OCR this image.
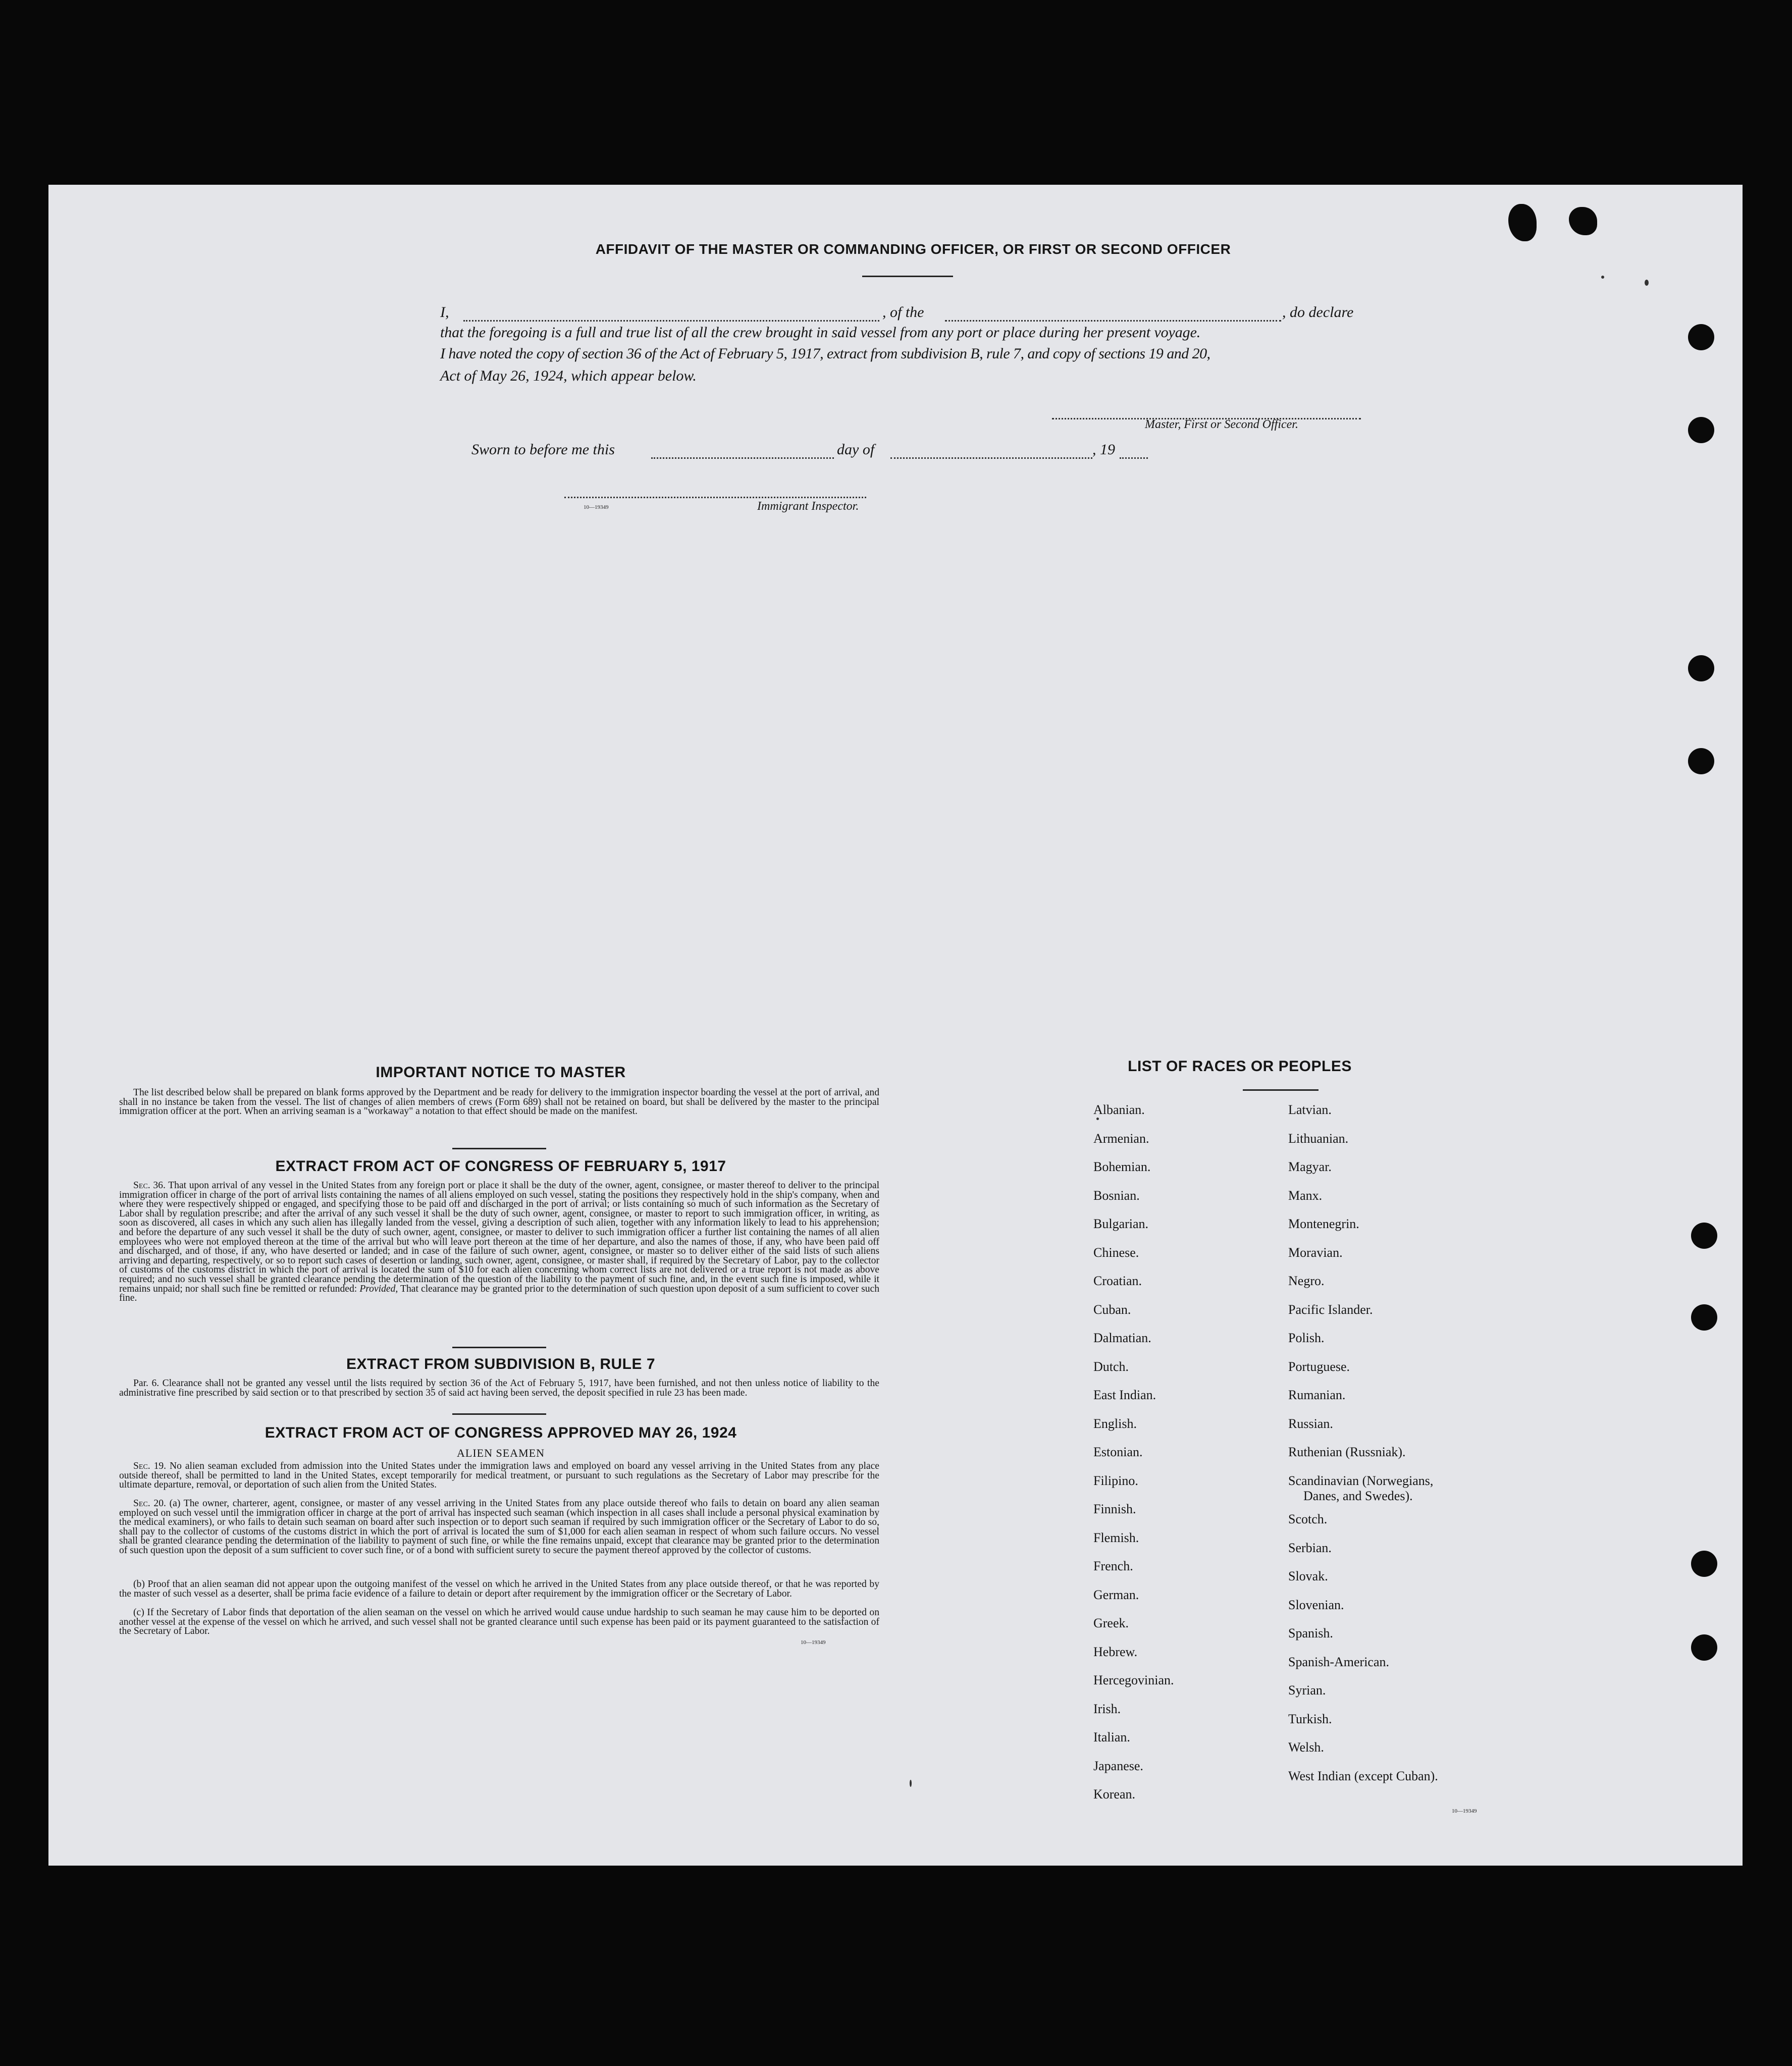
AFFIDAVIT OF THE MASTER OR COMMANDING OFFICER, OR FIRST OR SECOND OFFICER
I,	, of the	, do declare
that the foregoing is a full and true list of all the crew brought in said vessel from any port or place during her present voyage.
I have noted the copy of section 36 of the Act of February 5, 1917, extract from subdivision B, rule 7, and copy of sections 19 and 20,
Act of May 26, 1924, which appear below.
Master, First or Second Officer.
Sworn to before me this	day of	, 19
10—19349	Immigrant Inspector.
IMPORTANT NOTICE TO MASTER
The list described below shall be prepared on blank forms approved by the Department and be ready for delivery to the immigration inspector boarding the vessel at the port of arrival, and shall in no instance be taken from the vessel. The list of changes of alien members of crews (Form 689) shall not be retained on board, but shall be delivered by the master to the principal immigration officer at the port. When an arriving seaman is a "workaway" a notation to that effect should be made on the manifest.
EXTRACT FROM ACT OF CONGRESS OF FEBRUARY 5, 1917
Sec. 36. That upon arrival of any vessel in the United States from any foreign port or place it shall be the duty of the owner, agent, consignee, or master thereof to deliver to the principal immigration officer in charge of the port of arrival lists containing the names of all aliens employed on such vessel, stating the positions they respectively hold in the ship's company, when and where they were respectively shipped or engaged, and specifying those to be paid off and discharged in the port of arrival; or lists containing so much of such information as the Secretary of Labor shall by regulation prescribe; and after the arrival of any such vessel it shall be the duty of such owner, agent, consignee, or master to report to such immigration officer, in writing, as soon as discovered, all cases in which any such alien has illegally landed from the vessel, giving a description of such alien, together with any information likely to lead to his apprehension; and before the departure of any such vessel it shall be the duty of such owner, agent, consignee, or master to deliver to such immigration officer a further list containing the names of all alien employees who were not employed thereon at the time of the arrival but who will leave port thereon at the time of her departure, and also the names of those, if any, who have been paid off and discharged, and of those, if any, who have deserted or landed; and in case of the failure of such owner, agent, consignee, or master so to deliver either of the said lists of such aliens arriving and departing, respectively, or so to report such cases of desertion or landing, such owner, agent, consignee, or master shall, if required by the Secretary of Labor, pay to the collector of customs of the customs district in which the port of arrival is located the sum of $10 for each alien concerning whom correct lists are not delivered or a true report is not made as above required; and no such vessel shall be granted clearance pending the determination of the question of the liability to the payment of such fine, and, in the event such fine is imposed, while it remains unpaid; nor shall such fine be remitted or refunded: Provided, That clearance may be granted prior to the determination of such question upon deposit of a sum sufficient to cover such fine.
EXTRACT FROM SUBDIVISION B, RULE 7
Par. 6. Clearance shall not be granted any vessel until the lists required by section 36 of the Act of February 5, 1917, have been furnished, and not then unless notice of liability to the administrative fine prescribed by said section or to that prescribed by section 35 of said act having been served, the deposit specified in rule 23 has been made.
EXTRACT FROM ACT OF CONGRESS APPROVED MAY 26, 1924
ALIEN SEAMEN
Sec. 19. No alien seaman excluded from admission into the United States under the immigration laws and employed on board any vessel arriving in the United States from any place outside thereof, shall be permitted to land in the United States, except temporarily for medical treatment, or pursuant to such regulations as the Secretary of Labor may prescribe for the ultimate departure, removal, or deportation of such alien from the United States.
Sec. 20. (a) The owner, charterer, agent, consignee, or master of any vessel arriving in the United States from any place outside thereof who fails to detain on board any alien seaman employed on such vessel until the immigration officer in charge at the port of arrival has inspected such seaman (which inspection in all cases shall include a personal physical examination by the medical examiners), or who fails to detain such seaman on board after such inspection or to deport such seaman if required by such immigration officer or the Secretary of Labor to do so, shall pay to the collector of customs of the customs district in which the port of arrival is located the sum of $1,000 for each alien seaman in respect of whom such failure occurs. No vessel shall be granted clearance pending the determination of the liability to payment of such fine, or while the fine remains unpaid, except that clearance may be granted prior to the determination of such question upon the deposit of a sum sufficient to cover such fine, or of a bond with sufficient surety to secure the payment thereof approved by the collector of customs.
(b) Proof that an alien seaman did not appear upon the outgoing manifest of the vessel on which he arrived in the United States from any place outside thereof, or that he was reported by the master of such vessel as a deserter, shall be prima facie evidence of a failure to detain or deport after requirement by the immigration officer or the Secretary of Labor.
(c) If the Secretary of Labor finds that deportation of the alien seaman on the vessel on which he arrived would cause undue hardship to such seaman he may cause him to be deported on another vessel at the expense of the vessel on which he arrived, and such vessel shall not be granted clearance until such expense has been paid or its payment guaranteed to the satisfaction of the Secretary of Labor.
10—19349
LIST OF RACES OR PEOPLES
Albanian.
Armenian.
Bohemian.
Bosnian.
Bulgarian.
Chinese.
Croatian.
Cuban.
Dalmatian.
Dutch.
East Indian.
English.
Estonian.
Filipino.
Finnish.
Flemish.
French.
German.
Greek.
Hebrew.
Hercegovinian.
Irish.
Italian.
Japanese.
Korean.
Latvian.
Lithuanian.
Magyar.
Manx.
Montenegrin.
Moravian.
Negro.
Pacific Islander.
Polish.
Portuguese.
Rumanian.
Russian.
Ruthenian (Russniak).
Scandinavian (Norwegians,
Danes, and Swedes).
Scotch.
Serbian.
Slovak.
Slovenian.
Spanish.
Spanish-American.
Syrian.
Turkish.
Welsh.
West Indian (except Cuban).
10—19349
